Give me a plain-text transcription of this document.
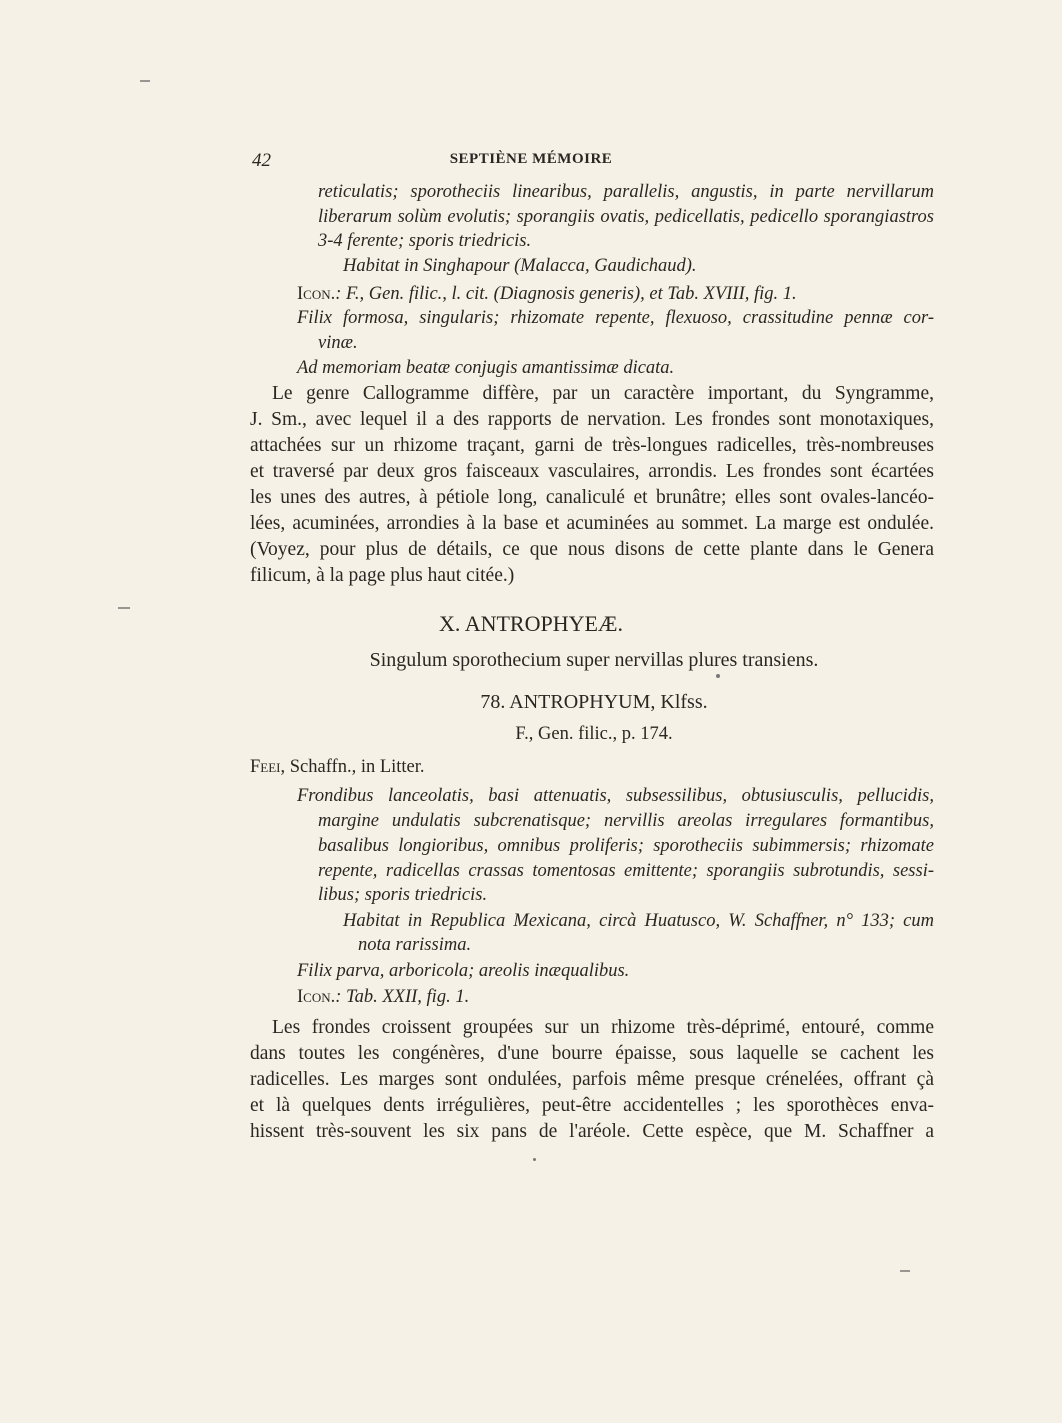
42	SEPTIÈNE MÉMOIRE
reticulatis; sporotheciis linearibus, parallelis, angustis, in parte nervillarum
liberarum solùm evolutis; sporangiis ovatis, pedicellatis, pedicello sporangiastros
3-4 ferente; sporis triedricis.
Habitat in Singhapour (Malacca, Gaudichaud).
Icon.: F., Gen. filic., l. cit. (Diagnosis generis), et Tab. XVIII, fig. 1.
Filix formosa, singularis; rhizomate repente, flexuoso, crassitudine pennæ cor-
vinæ.
Ad memoriam beatæ conjugis amantissimæ dicata.
Le genre Callogramme diffère, par un caractère important, du Syngramme,
J. Sm., avec lequel il a des rapports de nervation. Les frondes sont monotaxiques,
attachées sur un rhizome traçant, garni de très-longues radicelles, très-nombreuses
et traversé par deux gros faisceaux vasculaires, arrondis. Les frondes sont écartées
les unes des autres, à pétiole long, canaliculé et brunâtre; elles sont ovales-lancéo-
lées, acuminées, arrondies à la base et acuminées au sommet. La marge est ondulée.
(Voyez, pour plus de détails, ce que nous disons de cette plante dans le Genera
filicum, à la page plus haut citée.)
X. ANTROPHYEÆ.
Singulum sporothecium super nervillas plures transiens.
78. ANTROPHYUM, Klfss.
F., Gen. filic., p. 174.
Feei, Schaffn., in Litter.
Frondibus lanceolatis, basi attenuatis, subsessilibus, obtusiusculis, pellucidis,
margine undulatis subcrenatisque; nervillis areolas irregulares formantibus,
basalibus longioribus, omnibus proliferis; sporotheciis subimmersis; rhizomate
repente, radicellas crassas tomentosas emittente; sporangiis subrotundis, sessi-
libus; sporis triedricis.
Habitat in Republica Mexicana, circà Huatusco, W. Schaffner, n° 133; cum
nota rarissima.
Filix parva, arboricola; areolis inæqualibus.
Icon.: Tab. XXII, fig. 1.
Les frondes croissent groupées sur un rhizome très-déprimé, entouré, comme
dans toutes les congénères, d'une bourre épaisse, sous laquelle se cachent les
radicelles. Les marges sont ondulées, parfois même presque crénelées, offrant çà
et là quelques dents irrégulières, peut-être accidentelles ; les sporothèces enva-
hissent très-souvent les six pans de l'aréole. Cette espèce, que M. Schaffner a
